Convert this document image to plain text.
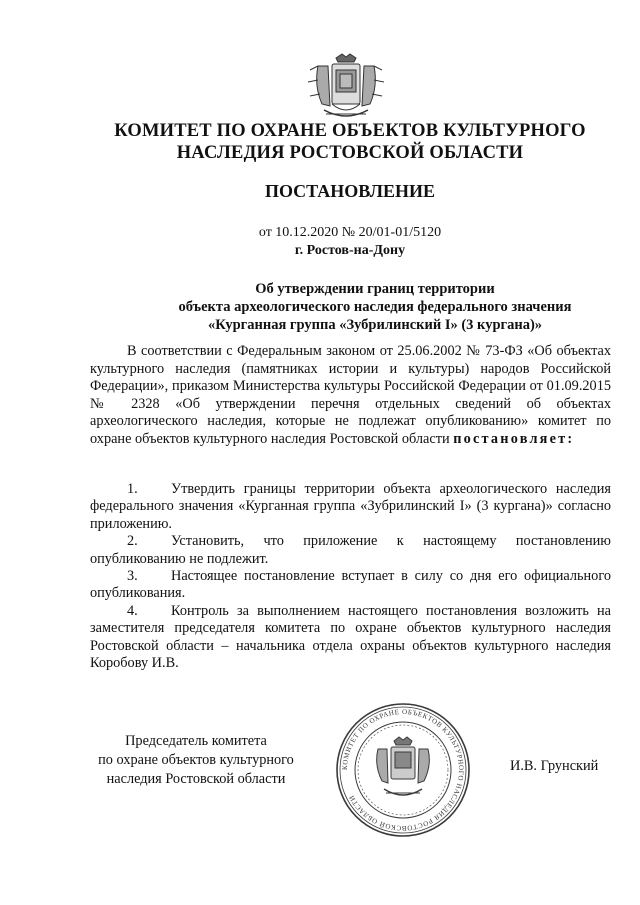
КОМИТЕТ ПО ОХРАНЕ ОБЪЕКТОВ КУЛЬТУРНОГО
НАСЛЕДИЯ РОСТОВСКОЙ ОБЛАСТИ
ПОСТАНОВЛЕНИЕ
от 10.12.2020 № 20/01-01/5120
г. Ростов-на-Дону
Об утверждении границ территории
объекта археологического наследия федерального значения
«Курганная группа «Зубрилинский I» (3 кургана)»
В соответствии с Федеральным законом от 25.06.2002 № 73-ФЗ «Об объектах культурного наследия (памятниках истории и культуры) народов Российской Федерации», приказом Министерства культуры Российской Федерации от 01.09.2015 № 2328 «Об утверждении перечня отдельных сведений об объектах археологического наследия, которые не подлежат опубликованию» комитет по охране объектов культурного наследия Ростовской области постановляет:

1. Утвердить границы территории объекта археологического наследия федерального значения «Курганная группа «Зубрилинский I» (3 кургана)» согласно приложению.

2. Установить, что приложение к настоящему постановлению опубликованию не подлежит.

3. Настоящее постановление вступает в силу со дня его официального опубликования.

4. Контроль за выполнением настоящего постановления возложить на заместителя председателя комитета по охране объектов культурного наследия Ростовской области – начальника отдела охраны объектов культурного наследия Коробову И.В.

Председатель комитета
по охране объектов культурного
наследия Ростовской области
КОМИТЕТ ПО ОХРАНЕ ОБЪЕКТОВ КУЛЬТУРНОГО НАСЛЕДИЯ РОСТОВСКОЙ ОБЛАСТИ
И.В. Грунский
